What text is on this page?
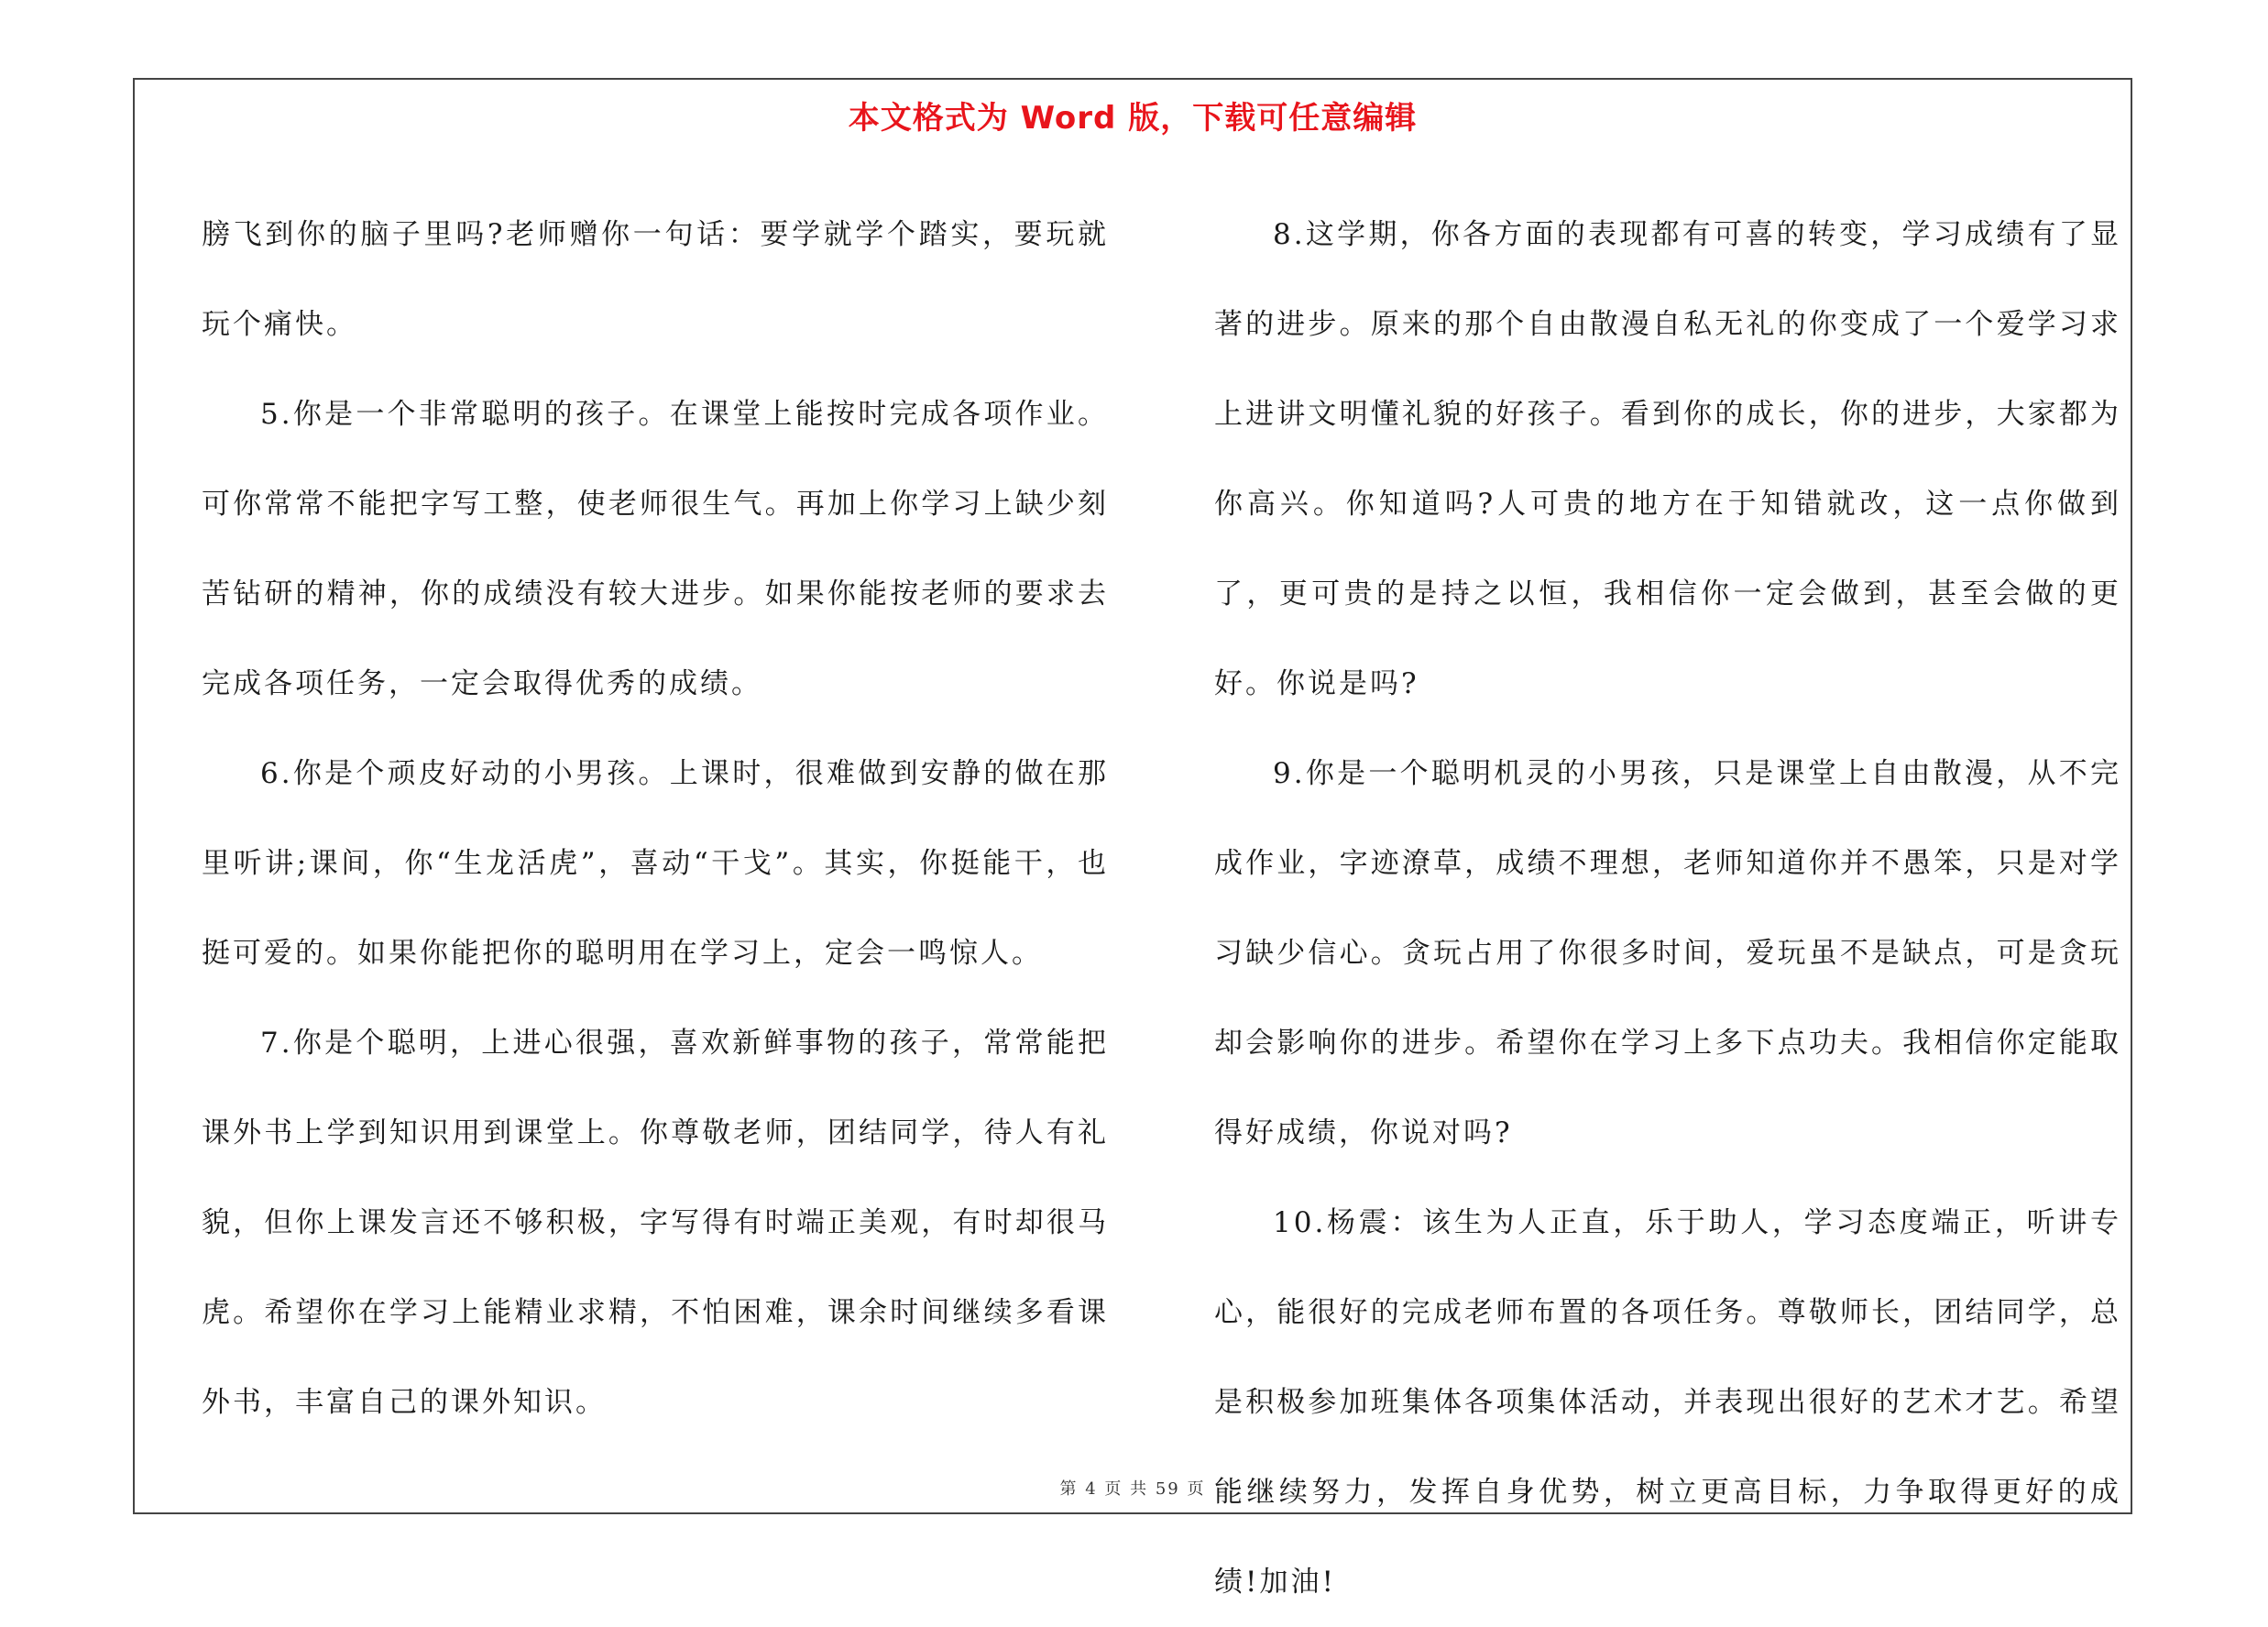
本文格式为 Word 版，下载可任意编辑

膀飞到你的脑子里吗?老师赠你一句话：要学就学个踏实，要玩就玩个痛快。

5.你是一个非常聪明的孩子。在课堂上能按时完成各项作业。可你常常不能把字写工整，使老师很生气。再加上你学习上缺少刻苦钻研的精神，你的成绩没有较大进步。如果你能按老师的要求去完成各项任务，一定会取得优秀的成绩。

6.你是个顽皮好动的小男孩。上课时，很难做到安静的做在那里听讲;课间，你“生龙活虎”，喜动“干戈”。其实，你挺能干，也挺可爱的。如果你能把你的聪明用在学习上，定会一鸣惊人。

7.你是个聪明，上进心很强，喜欢新鲜事物的孩子，常常能把课外书上学到知识用到课堂上。你尊敬老师，团结同学，待人有礼貌，但你上课发言还不够积极，字写得有时端正美观，有时却很马虎。希望你在学习上能精业求精，不怕困难，课余时间继续多看课外书，丰富自己的课外知识。

8.这学期，你各方面的表现都有可喜的转变，学习成绩有了显著的进步。原来的那个自由散漫自私无礼的你变成了一个爱学习求上进讲文明懂礼貌的好孩子。看到你的成长，你的进步，大家都为你高兴。你知道吗?人可贵的地方在于知错就改，这一点你做到了，更可贵的是持之以恒，我相信你一定会做到，甚至会做的更好。你说是吗?

9.你是一个聪明机灵的小男孩，只是课堂上自由散漫，从不完成作业，字迹潦草，成绩不理想，老师知道你并不愚笨，只是对学习缺少信心。贪玩占用了你很多时间，爱玩虽不是缺点，可是贪玩却会影响你的进步。希望你在学习上多下点功夫。我相信你定能取得好成绩，你说对吗?

10.杨震：该生为人正直，乐于助人，学习态度端正，听讲专心，能很好的完成老师布置的各项任务。尊敬师长，团结同学，总是积极参加班集体各项集体活动，并表现出很好的艺术才艺。希望能继续努力，发挥自身优势，树立更高目标，力争取得更好的成绩!加油!

第 4 页 共 59 页
